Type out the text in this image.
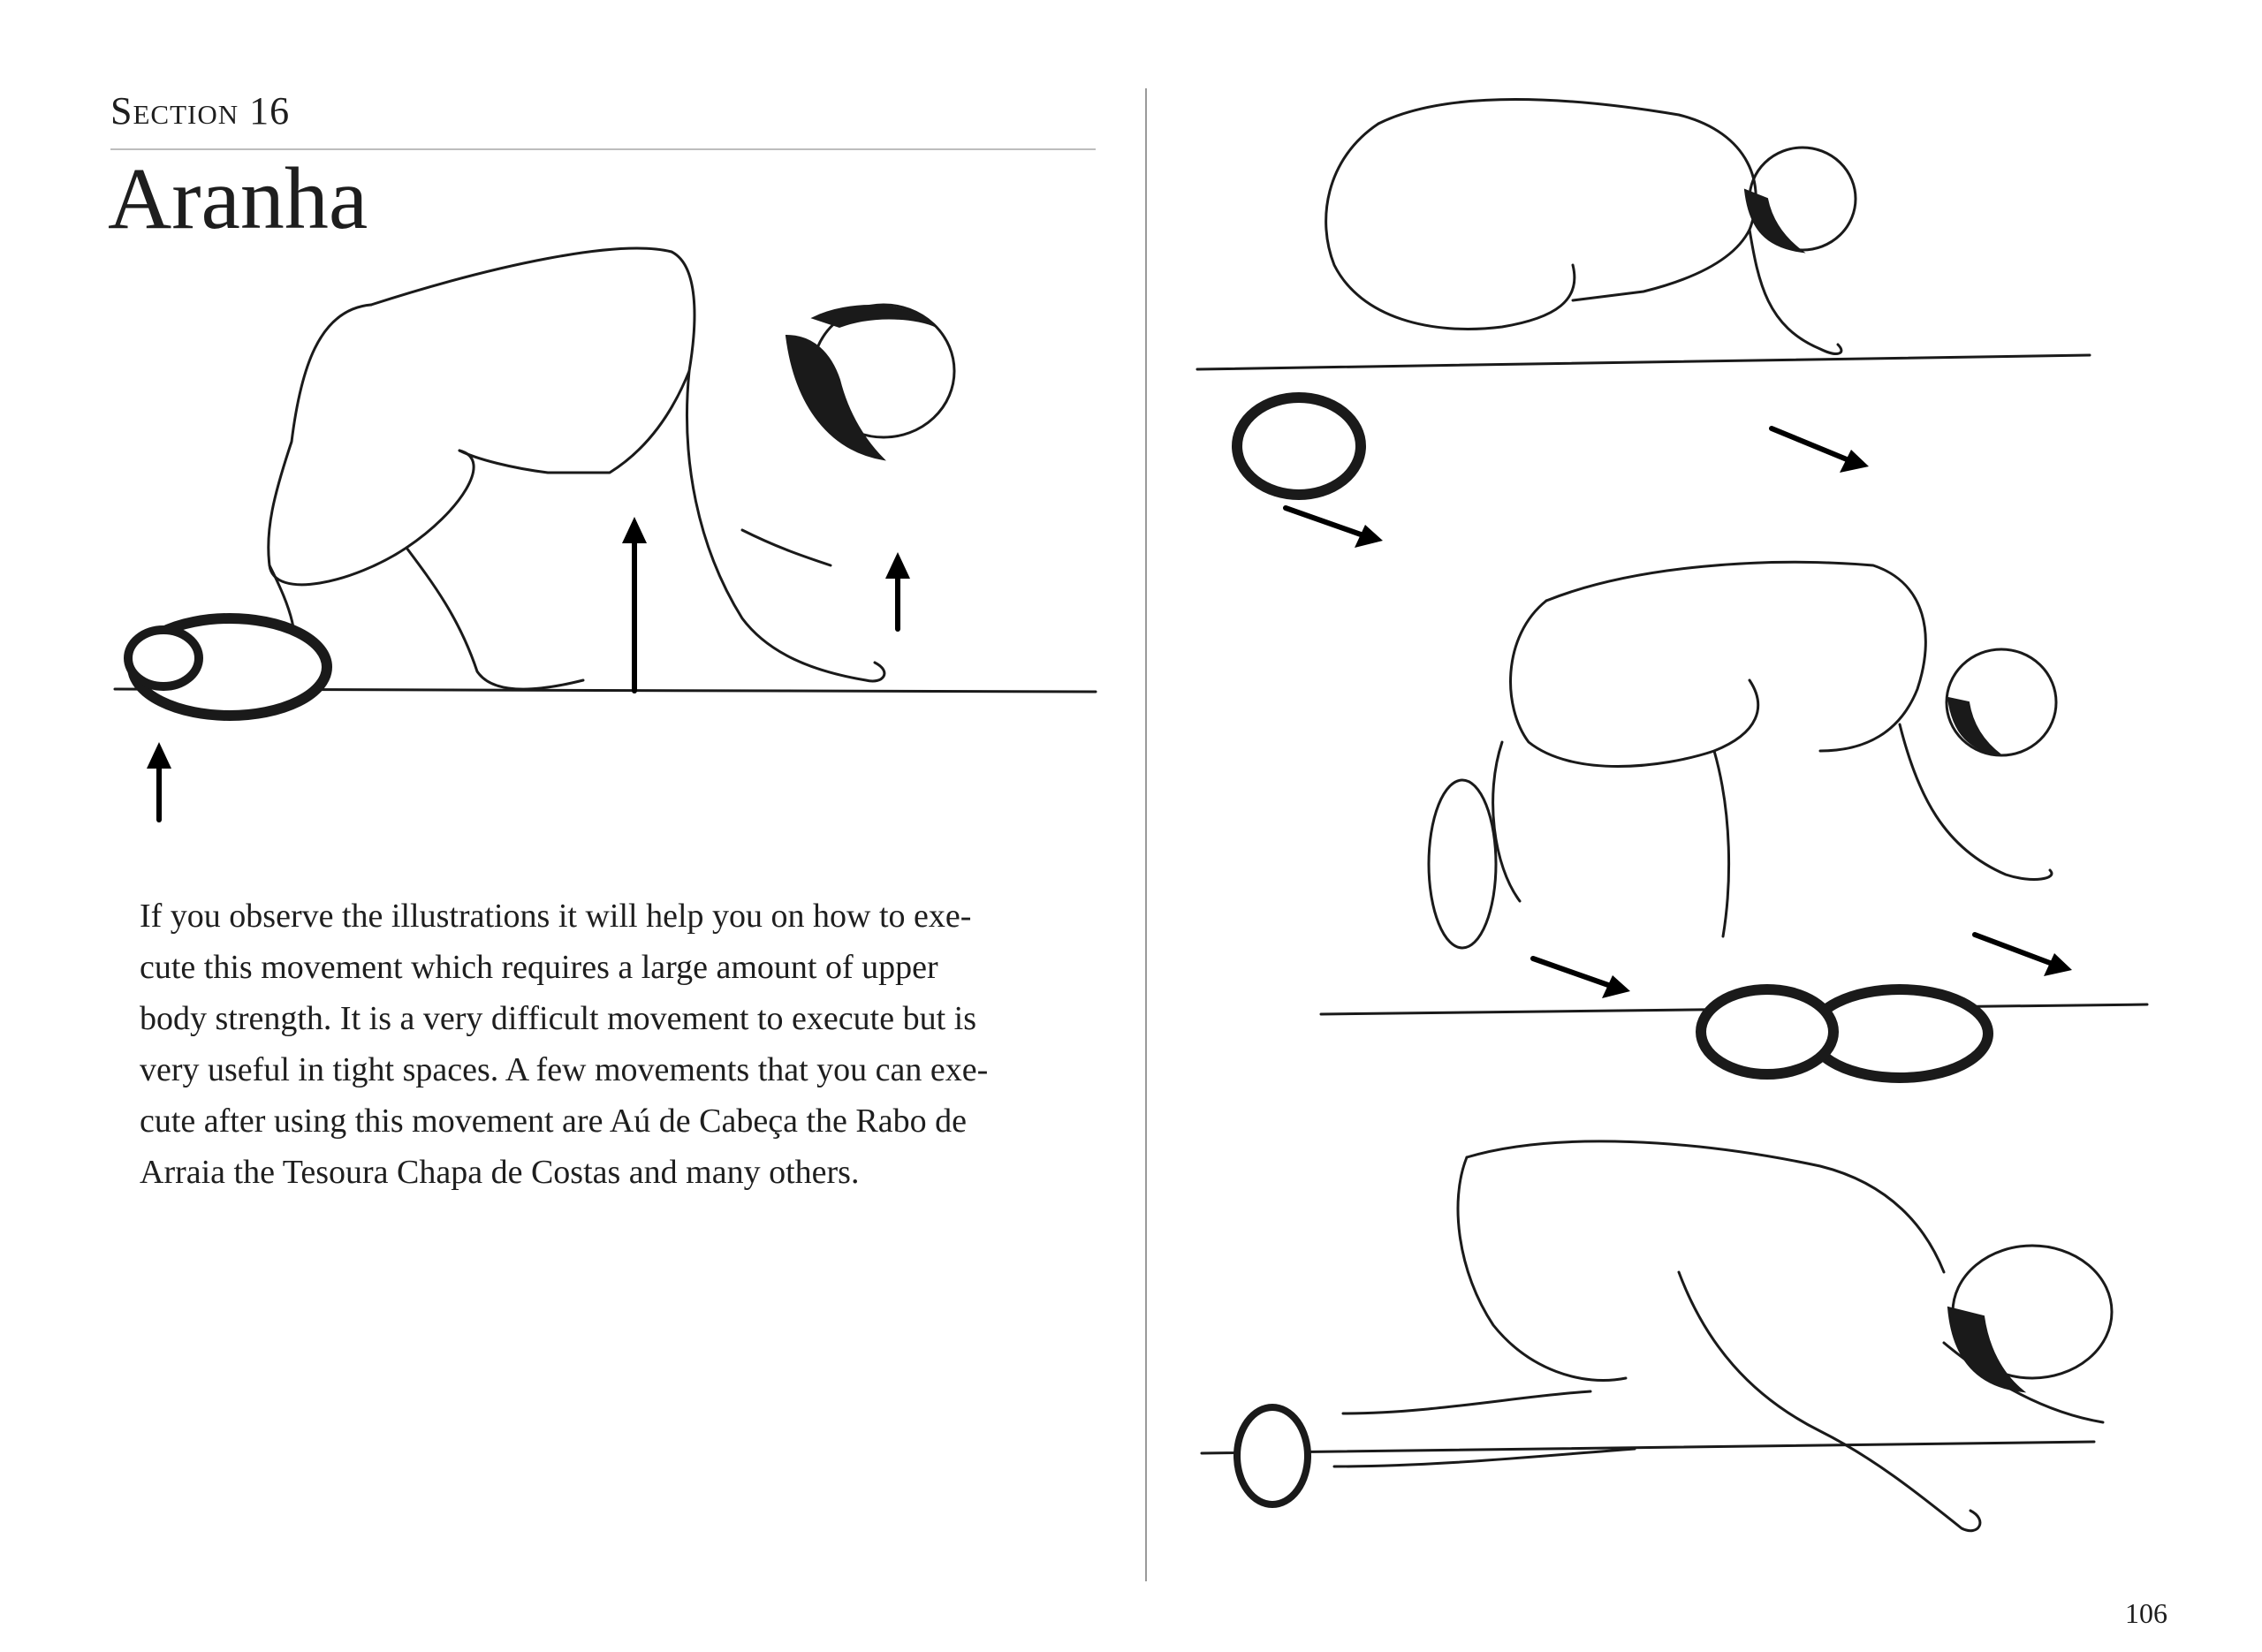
Section 16
Aranha
If you observe the illustrations it will help you on how to exe-
cute this movement which requires a large amount of upper
body strength. It is a very difficult movement to execute but is
very useful in tight spaces. A few movements that you can exe-
cute after using this movement are Aú de Cabeça the Rabo de
Arraia the Tesoura Chapa de Costas and many others.
106
